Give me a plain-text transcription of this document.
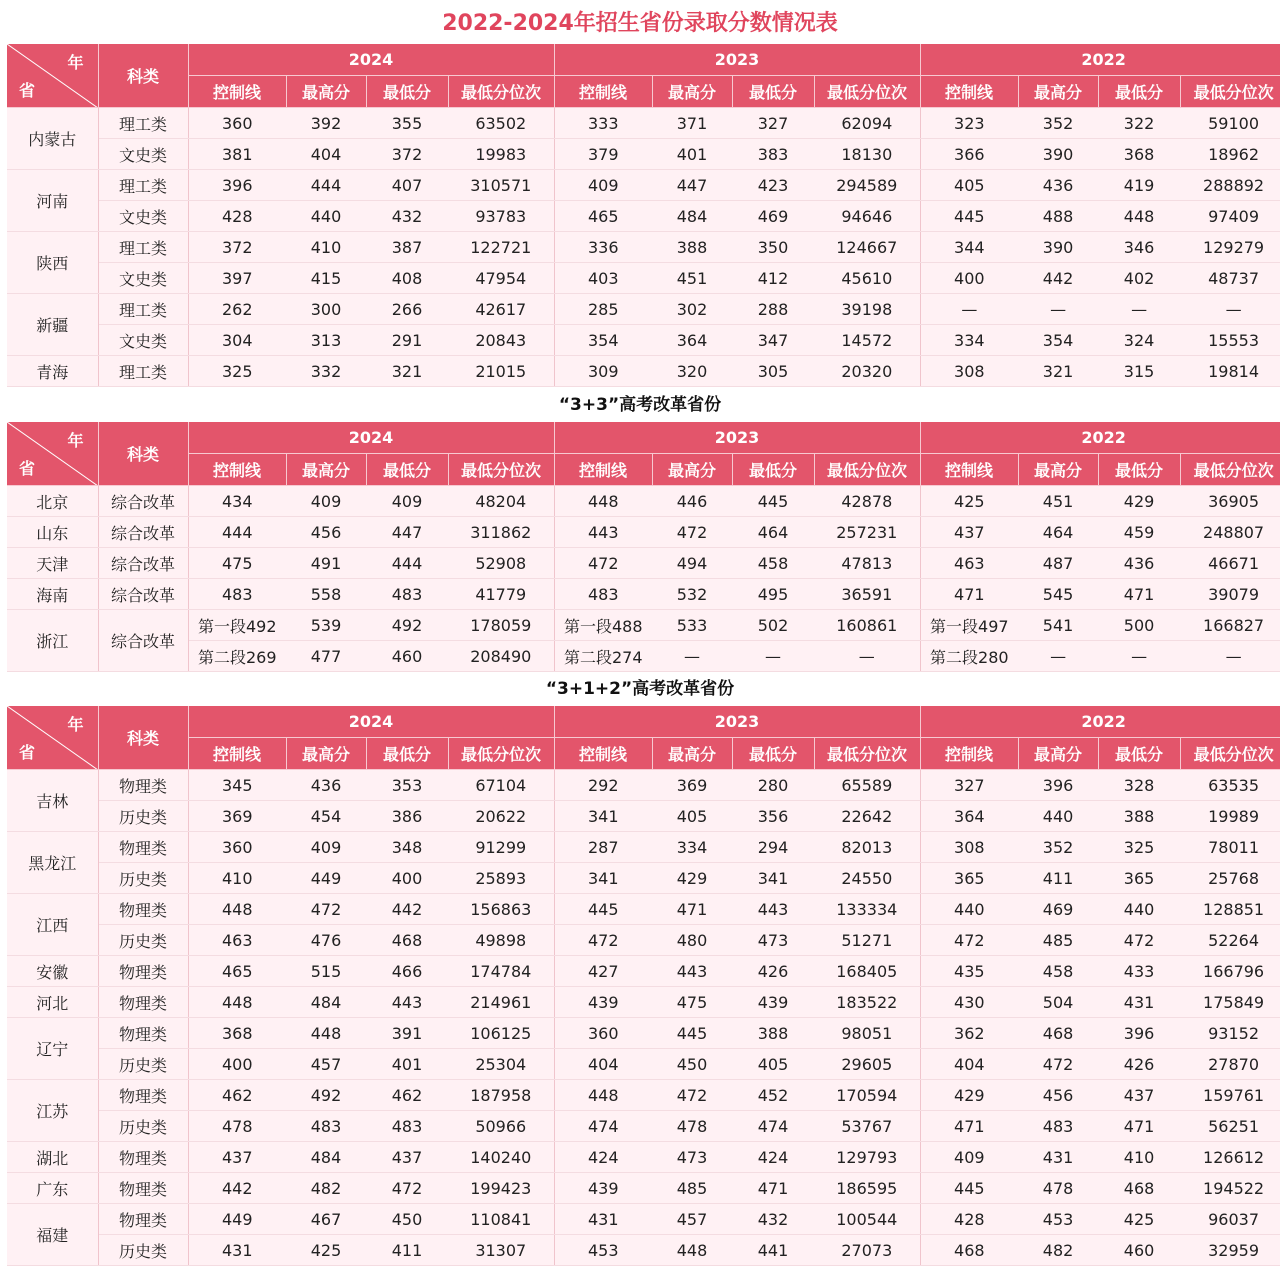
2022-2024年招生省份录取分数情况表
年
省	科类	2024				2023				2022			
		控制线	最高分	最低分	最低分位次	控制线	最高分	最低分	最低分位次	控制线	最高分	最低分	最低分位次
内蒙古	理工类	360	392	355	63502	333	371	327	62094	323	352	322	59100
	文史类	381	404	372	19983	379	401	383	18130	366	390	368	18962
河南	理工类	396	444	407	310571	409	447	423	294589	405	436	419	288892
	文史类	428	440	432	93783	465	484	469	94646	445	488	448	97409
陕西	理工类	372	410	387	122721	336	388	350	124667	344	390	346	129279
	文史类	397	415	408	47954	403	451	412	45610	400	442	402	48737
新疆	理工类	262	300	266	42617	285	302	288	39198	—	—	—	—
	文史类	304	313	291	20843	354	364	347	14572	334	354	324	15553
青海	理工类	325	332	321	21015	309	320	305	20320	308	321	315	19814
“3+3”高考改革省份
年
省	科类	2024				2023				2022			
		控制线	最高分	最低分	最低分位次	控制线	最高分	最低分	最低分位次	控制线	最高分	最低分	最低分位次
北京	综合改革	434	409	409	48204	448	446	445	42878	425	451	429	36905
山东	综合改革	444	456	447	311862	443	472	464	257231	437	464	459	248807
天津	综合改革	475	491	444	52908	472	494	458	47813	463	487	436	46671
海南	综合改革	483	558	483	41779	483	532	495	36591	471	545	471	39079
浙江	综合改革	第一段492	539	492	178059	第一段488	533	502	160861	第一段497	541	500	166827
		第二段269	477	460	208490	第二段274	—	—	—	第二段280	—	—	—
“3+1+2”高考改革省份
年
省	科类	2024				2023				2022			
		控制线	最高分	最低分	最低分位次	控制线	最高分	最低分	最低分位次	控制线	最高分	最低分	最低分位次
吉林	物理类	345	436	353	67104	292	369	280	65589	327	396	328	63535
	历史类	369	454	386	20622	341	405	356	22642	364	440	388	19989
黑龙江	物理类	360	409	348	91299	287	334	294	82013	308	352	325	78011
	历史类	410	449	400	25893	341	429	341	24550	365	411	365	25768
江西	物理类	448	472	442	156863	445	471	443	133334	440	469	440	128851
	历史类	463	476	468	49898	472	480	473	51271	472	485	472	52264
安徽	物理类	465	515	466	174784	427	443	426	168405	435	458	433	166796
河北	物理类	448	484	443	214961	439	475	439	183522	430	504	431	175849
辽宁	物理类	368	448	391	106125	360	445	388	98051	362	468	396	93152
	历史类	400	457	401	25304	404	450	405	29605	404	472	426	27870
江苏	物理类	462	492	462	187958	448	472	452	170594	429	456	437	159761
	历史类	478	483	483	50966	474	478	474	53767	471	483	471	56251
湖北	物理类	437	484	437	140240	424	473	424	129793	409	431	410	126612
广东	物理类	442	482	472	199423	439	485	471	186595	445	478	468	194522
福建	物理类	449	467	450	110841	431	457	432	100544	428	453	425	96037
	历史类	431	425	411	31307	453	448	441	27073	468	482	460	32959
